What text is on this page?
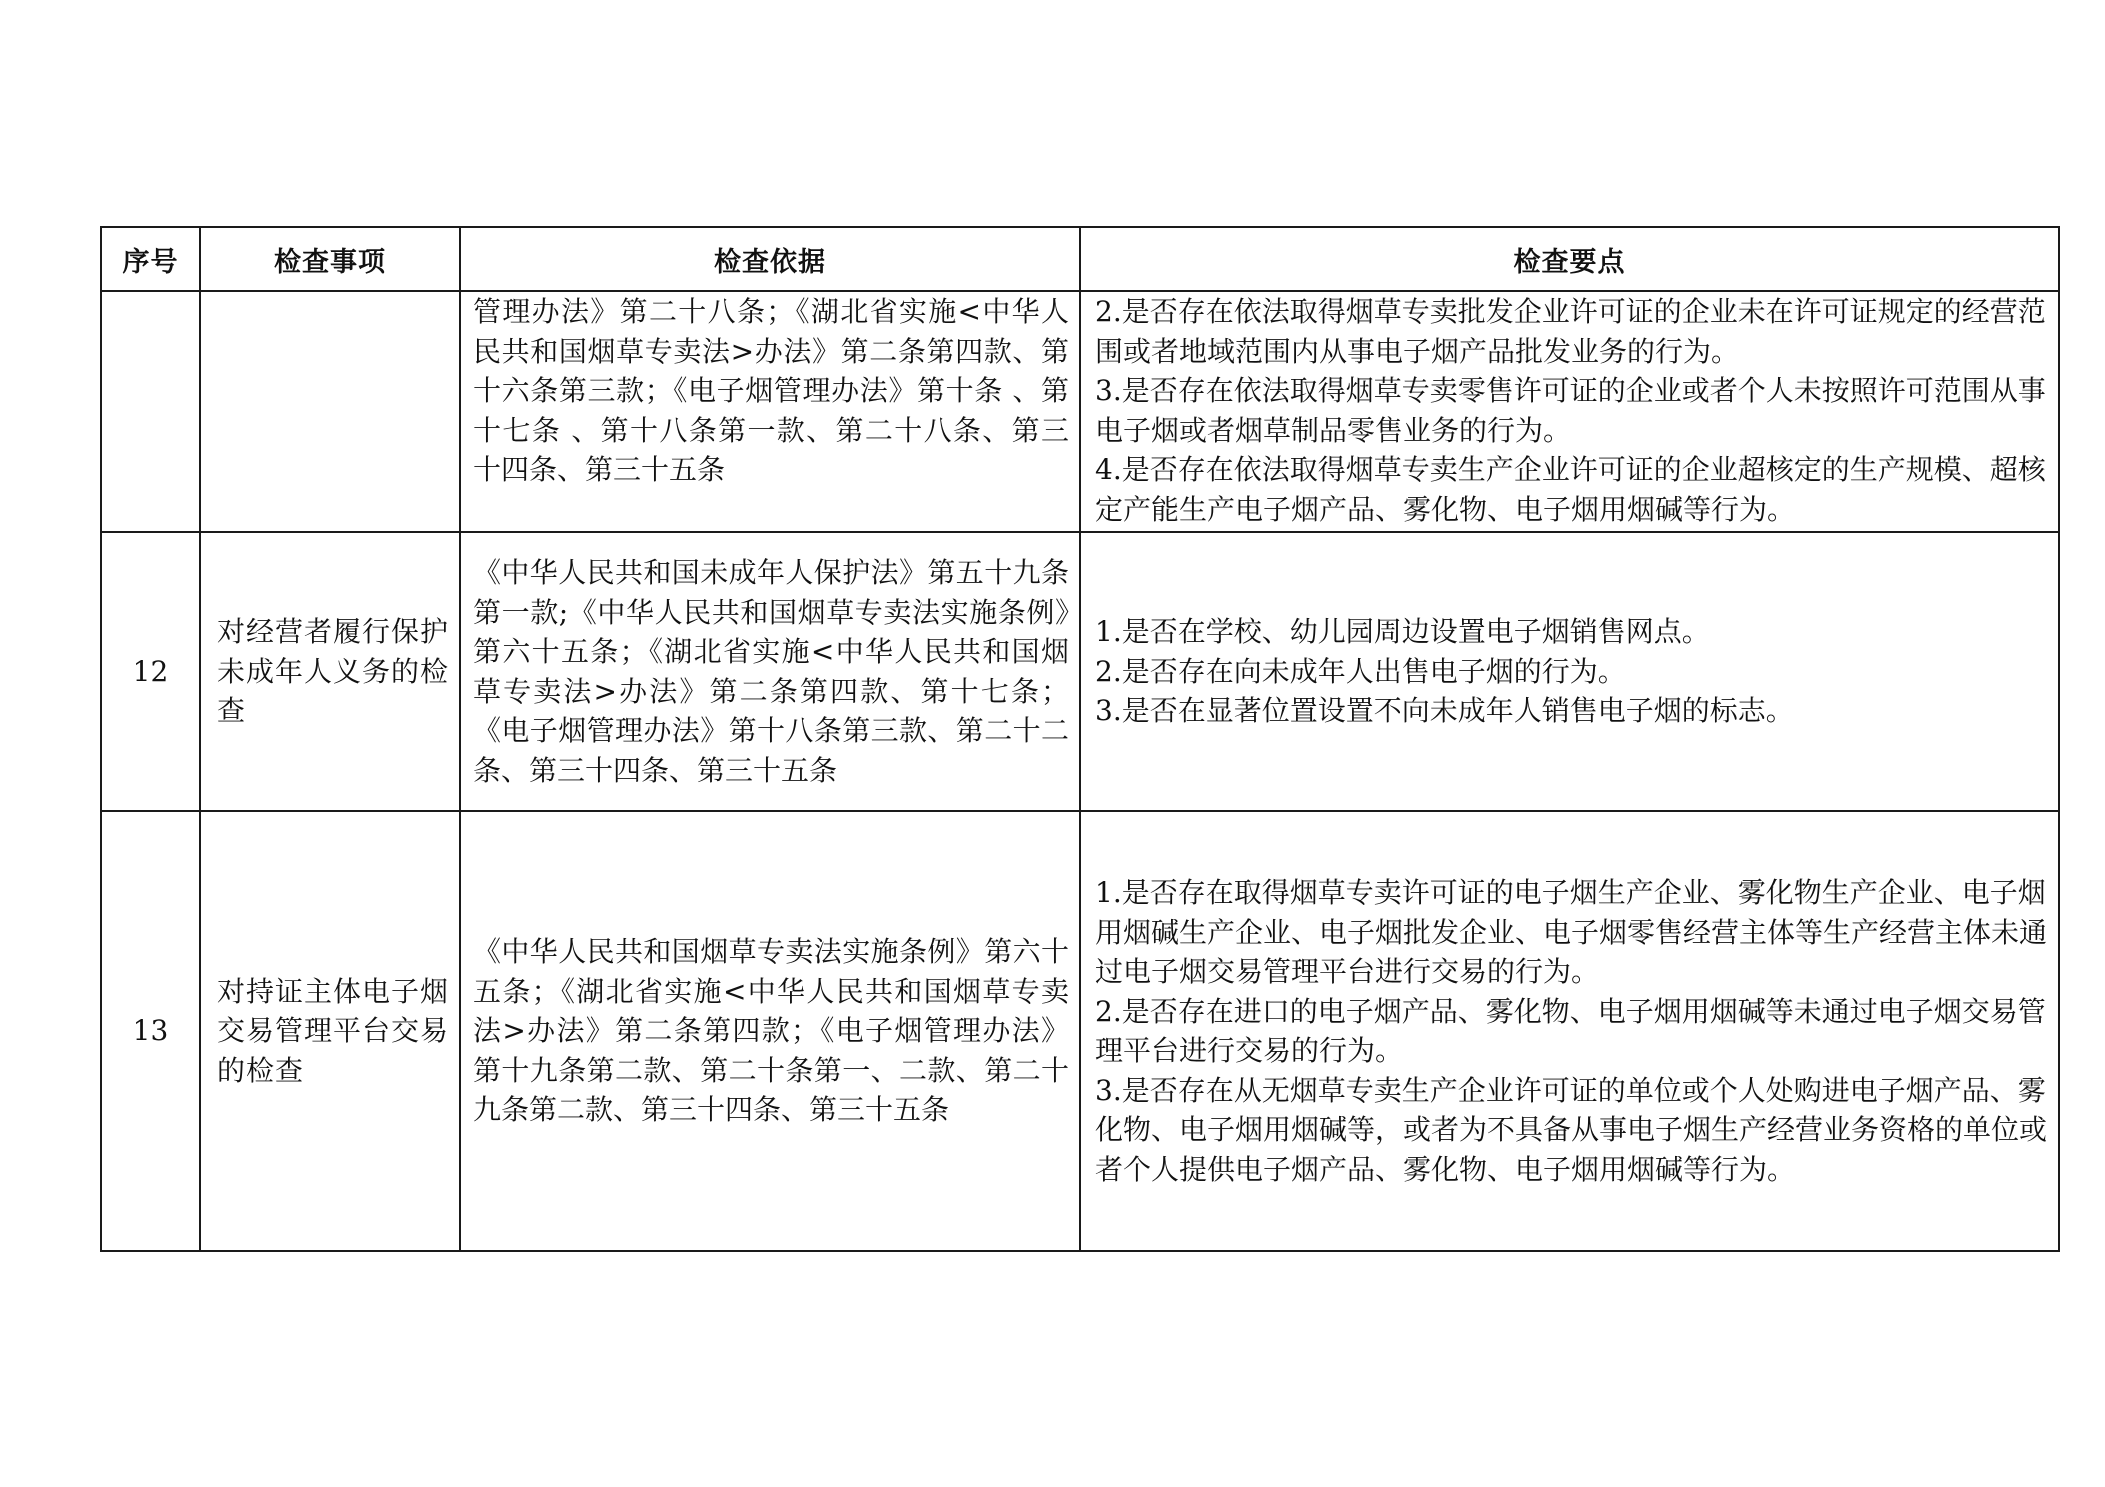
序号	检查事项	检查依据	检查要点
		管理办法》第二十八条；《湖北省实施<中华人民共和国烟草专卖法>办法》第二条第四款、第十六条第三款；《电子烟管理办法》第十条 、第十七条 、第十八条第一款、第二十八条、第三十四条、第三十五条	2.是否存在依法取得烟草专卖批发企业许可证的企业未在许可证规定的经营范围或者地域范围内从事电子烟产品批发业务的行为。
3.是否存在依法取得烟草专卖零售许可证的企业或者个人未按照许可范围从事电子烟或者烟草制品零售业务的行为。
4.是否存在依法取得烟草专卖生产企业许可证的企业超核定的生产规模、超核定产能生产电子烟产品、雾化物、电子烟用烟碱等行为。

12	对经营者履行保护未成年人义务的检查	《中华人民共和国未成年人保护法》第五十九条第一款;《中华人民共和国烟草专卖法实施条例》第六十五条；《湖北省实施<中华人民共和国烟草专卖法>办法》第二条第四款、第十七条；《电子烟管理办法》第十八条第三款、第二十二条、第三十四条、第三十五条	1.是否在学校、幼儿园周边设置电子烟销售网点。
2.是否存在向未成年人出售电子烟的行为。
3.是否在显著位置设置不向未成年人销售电子烟的标志。

13	对持证主体电子烟交易管理平台交易的检查	《中华人民共和国烟草专卖法实施条例》第六十五条；《湖北省实施<中华人民共和国烟草专卖法>办法》第二条第四款；《电子烟管理办法》第十九条第二款、第二十条第一、二款、第二十九条第二款、第三十四条、第三十五条	1.是否存在取得烟草专卖许可证的电子烟生产企业、雾化物生产企业、电子烟用烟碱生产企业、电子烟批发企业、电子烟零售经营主体等生产经营主体未通过电子烟交易管理平台进行交易的行为。
2.是否存在进口的电子烟产品、雾化物、电子烟用烟碱等未通过电子烟交易管理平台进行交易的行为。
3.是否存在从无烟草专卖生产企业许可证的单位或个人处购进电子烟产品、雾化物、电子烟用烟碱等，或者为不具备从事电子烟生产经营业务资格的单位或者个人提供电子烟产品、雾化物、电子烟用烟碱等行为。
